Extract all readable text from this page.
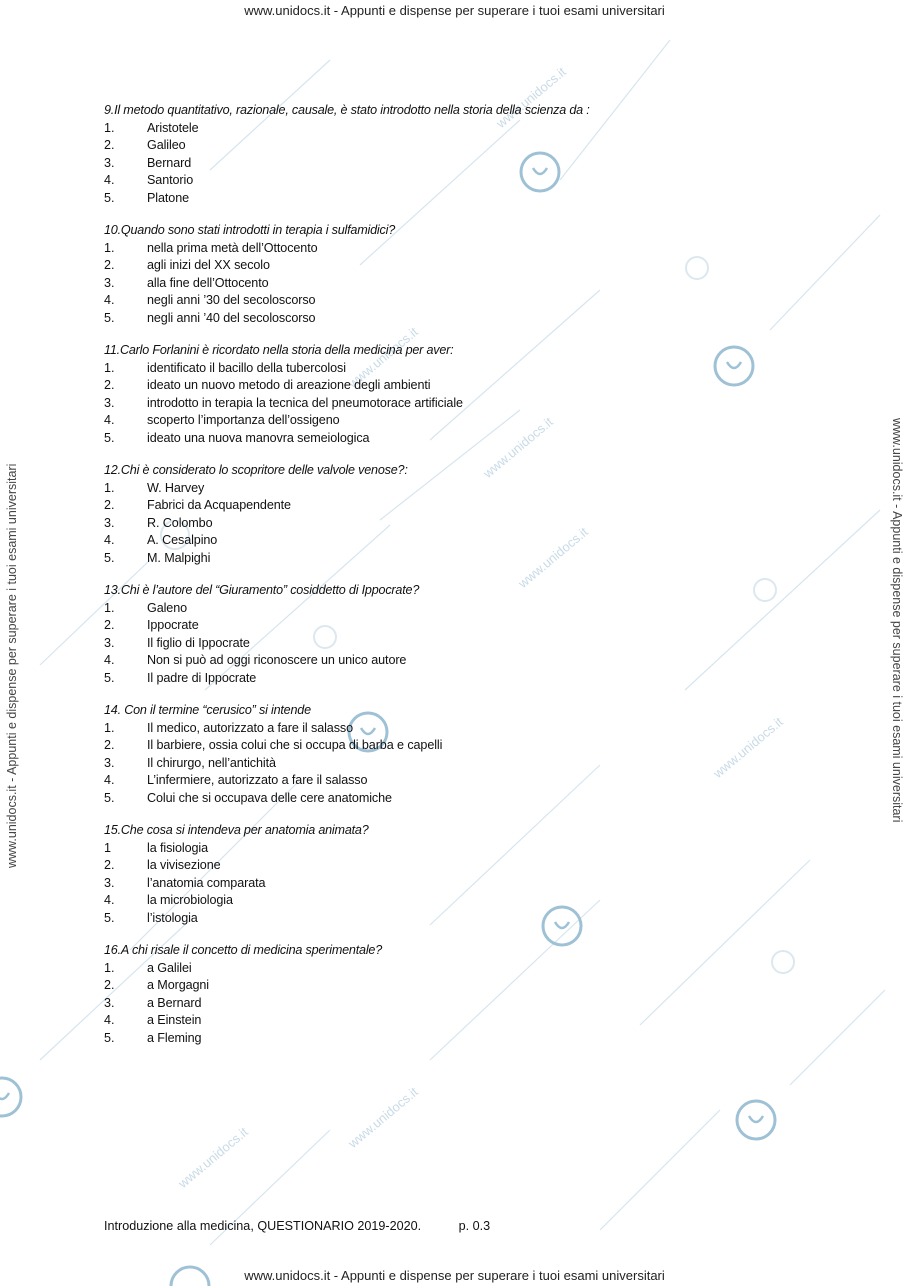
www.unidocs.it
www.unidocs.it
www.unidocs.it
www.unidocs.it
www.unidocs.it
www.unidocs.it
www.unidocs.it
www.unidocs.it - Appunti e dispense per superare i tuoi esami universitari
www.unidocs.it - Appunti e dispense per superare i tuoi esami universitari	www.unidocs.it - Appunti e dispense per superare i tuoi esami universitari
9.Il metodo quantitativo, razionale, causale, è stato introdotto nella storia della scienza da :
1.	Aristotele
2.	Galileo
3.	Bernard
4.	Santorio
5.	Platone
10.Quando sono stati introdotti in terapia i sulfamidici?
1.	nella prima metà dell’Ottocento
2.	agli inizi del XX secolo
3.	alla fine dell’Ottocento
4.	negli anni ’30 del secoloscorso
5.	negli anni ’40 del secoloscorso
11.Carlo Forlanini è ricordato nella storia della medicina per aver:
1.	identificato il bacillo della tubercolosi
2.	ideato un nuovo metodo di areazione degli ambienti
3.	introdotto in terapia la tecnica del pneumotorace artificiale
4.	scoperto l’importanza dell’ossigeno
5.	ideato una nuova manovra semeiologica
12.Chi è considerato lo scopritore delle valvole venose?:
1.	W. Harvey
2.	Fabrici da Acquapendente
3.	R. Colombo
4.	A. Cesalpino
5.	M. Malpighi
13.Chi è l’autore del “Giuramento” cosiddetto di Ippocrate?
1.	Galeno
2.	Ippocrate
3.	Il figlio di Ippocrate
4.	Non si può ad oggi riconoscere un unico autore
5.	Il padre di Ippocrate
14. Con il termine “cerusico” si intende
1.	Il medico, autorizzato a fare il salasso
2.	Il barbiere, ossia colui che si occupa di barba e capelli
3.	Il chirurgo, nell’antichità
4.	L’infermiere, autorizzato a fare il salasso
5.	Colui che si occupava delle cere anatomiche
15.Che cosa si intendeva per anatomia animata?
1	la fisiologia
2.	la vivisezione
3.	l’anatomia comparata
4.	la microbiologia
5.	l’istologia
16.A chi risale il concetto di medicina sperimentale?
1.	a Galilei
2.	a Morgagni
3.	a Bernard
4.	a Einstein
5.	a Fleming
Introduzione alla medicina, QUESTIONARIO 2019-2020.	p. 0.3
www.unidocs.it - Appunti e dispense per superare i tuoi esami universitari
